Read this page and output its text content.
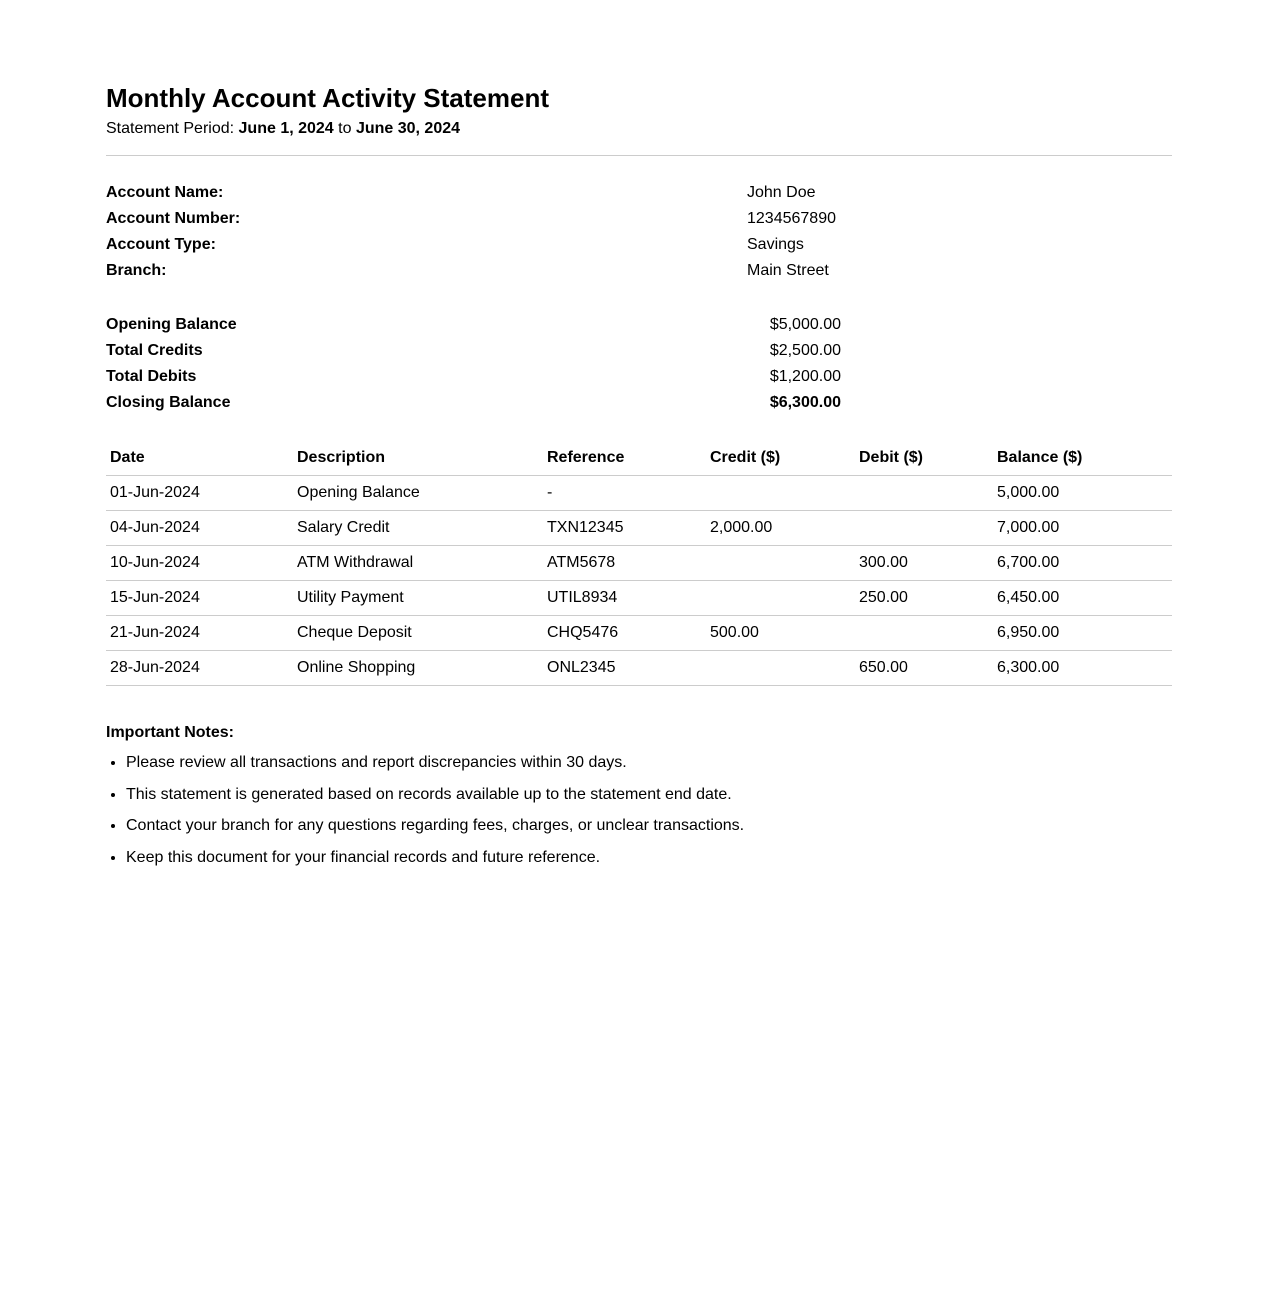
Monthly Account Activity Statement
Statement Period: June 1, 2024 to June 30, 2024
Account Name:	John Doe
Account Number:	1234567890
Account Type:	Savings
Branch:	Main Street
Opening Balance	$5,000.00
Total Credits	$2,500.00
Total Debits	$1,200.00
Closing Balance	$6,300.00
Date	Description	Reference	Credit ($)	Debit ($)	Balance ($)
01-Jun-2024	Opening Balance	-			5,000.00
04-Jun-2024	Salary Credit	TXN12345	2,000.00		7,000.00
10-Jun-2024	ATM Withdrawal	ATM5678		300.00	6,700.00
15-Jun-2024	Utility Payment	UTIL8934		250.00	6,450.00
21-Jun-2024	Cheque Deposit	CHQ5476	500.00		6,950.00
28-Jun-2024	Online Shopping	ONL2345		650.00	6,300.00
Important Notes:
• Please review all transactions and report discrepancies within 30 days.
• This statement is generated based on records available up to the statement end date.
• Contact your branch for any questions regarding fees, charges, or unclear transactions.
• Keep this document for your financial records and future reference.
